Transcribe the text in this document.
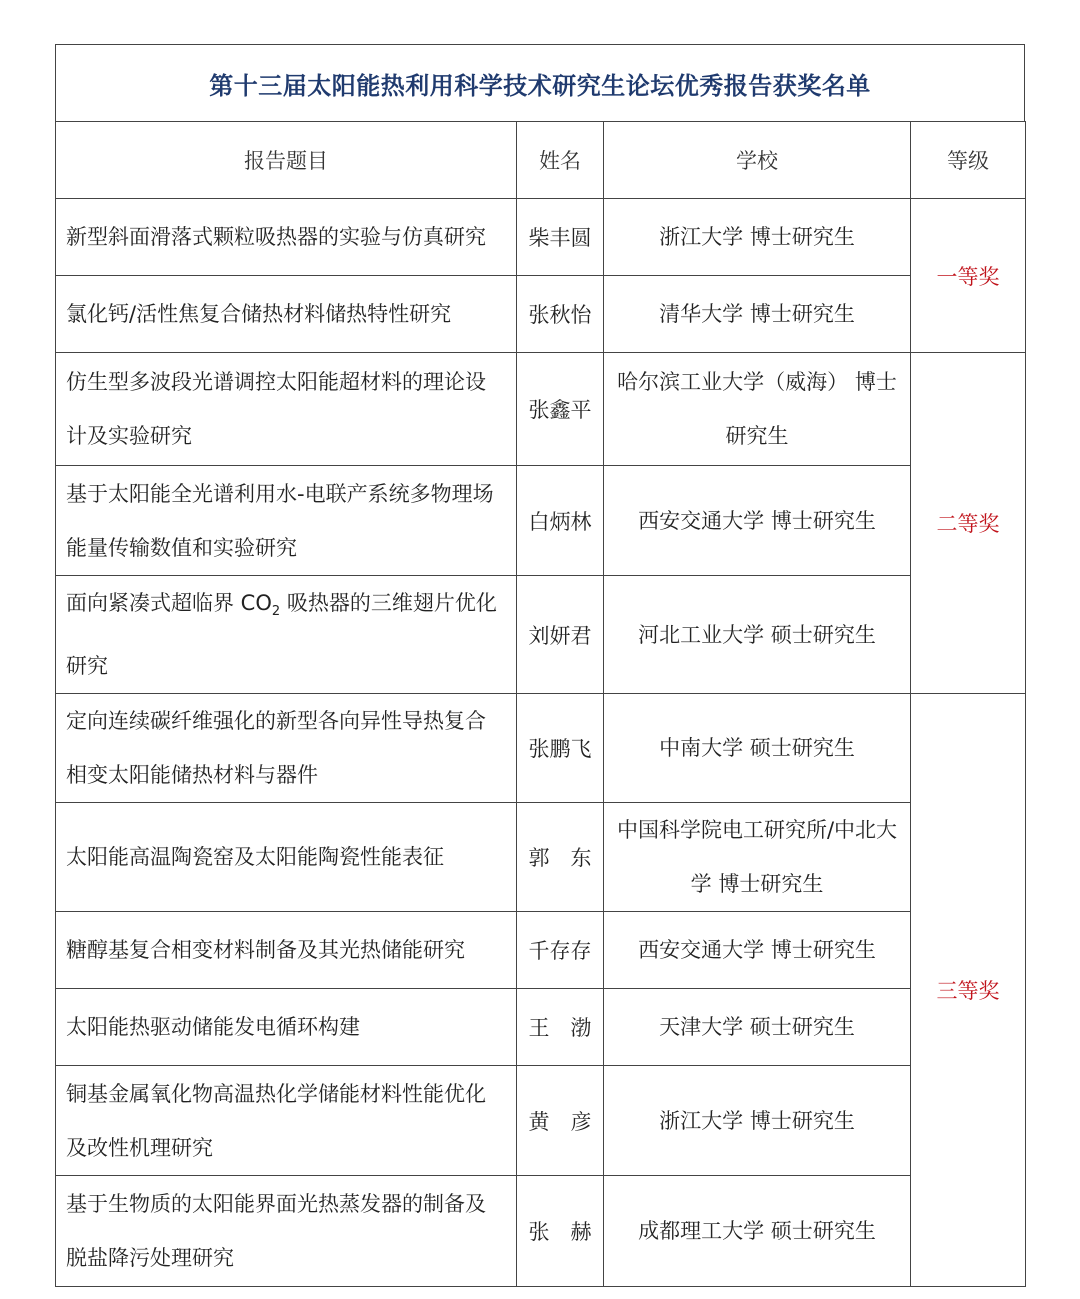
第十三届太阳能热利用科学技术研究生论坛优秀报告获奖名单
报告题目	姓名	学校	等级
新型斜面滑落式颗粒吸热器的实验与仿真研究	柴丰圆	浙江大学 博士研究生	一等奖
氯化钙/活性焦复合储热材料储热特性研究	张秋怡	清华大学 博士研究生	
仿生型多波段光谱调控太阳能超材料的理论设计及实验研究	张鑫平	哈尔滨工业大学（威海） 博士研究生	二等奖
基于太阳能全光谱利用水-电联产系统多物理场能量传输数值和实验研究	白炳林	西安交通大学 博士研究生	
面向紧凑式超临界 $CO_2$ 吸热器的三维翅片优化研究	刘妍君	河北工业大学 硕士研究生	
定向连续碳纤维强化的新型各向异性导热复合相变太阳能储热材料与器件	张鹏飞	中南大学 硕士研究生	三等奖
太阳能高温陶瓷窑及太阳能陶瓷性能表征	郭　东	中国科学院电工研究所/中北大学 博士研究生	
糖醇基复合相变材料制备及其光热储能研究	千存存	西安交通大学 博士研究生	
太阳能热驱动储能发电循环构建	王　渤	天津大学 硕士研究生	
铜基金属氧化物高温热化学储能材料性能优化及改性机理研究	黄　彦	浙江大学 博士研究生	
基于生物质的太阳能界面光热蒸发器的制备及脱盐降污处理研究	张　赫	成都理工大学 硕士研究生	
